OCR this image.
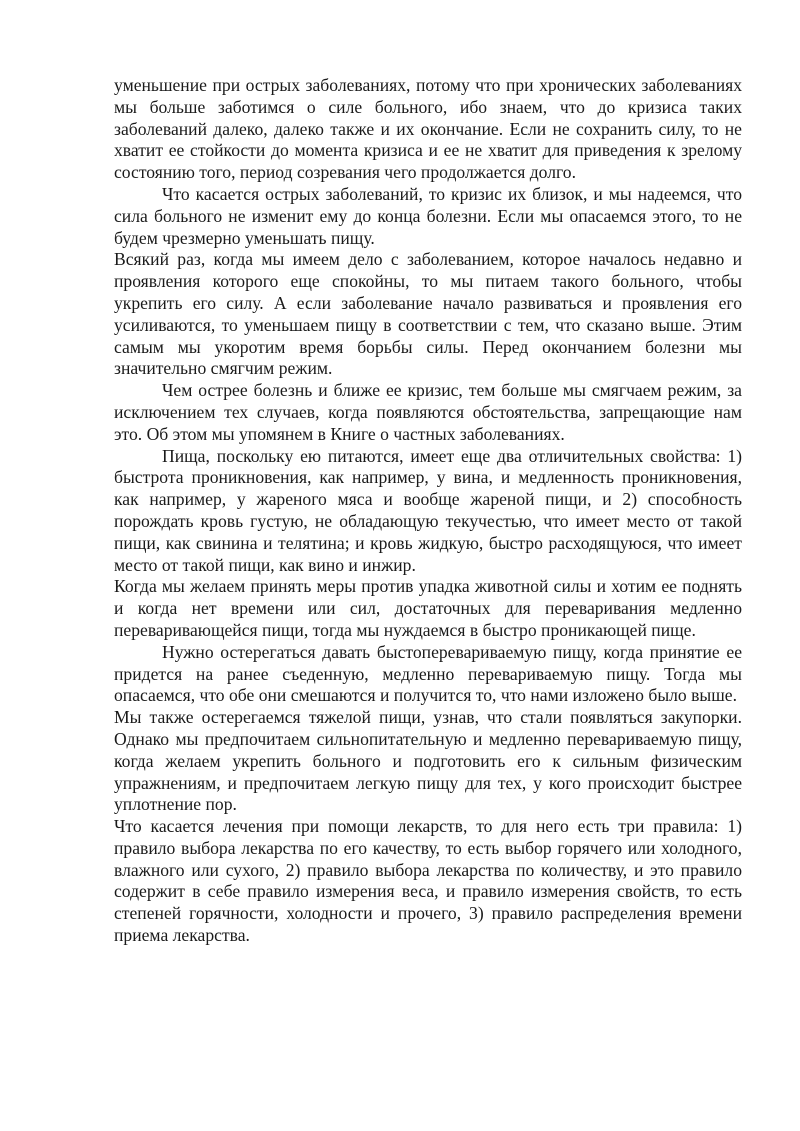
уменьшение при острых заболеваниях, потому что при хронических заболеваниях мы больше заботимся о силе больного, ибо знаем, что до кризиса таких заболеваний далеко, далеко также и их окончание. Если не сохранить силу, то не хватит ее стойкости до момента кризиса и ее не хватит для приведения к зрелому состоянию того, период созревания чего продолжается долго.

Что касается острых заболеваний, то кризис их близок, и мы надеемся, что сила больного не изменит ему до конца болезни. Если мы опасаемся этого, то не будем чрезмерно уменьшать пищу.

Всякий раз, когда мы имеем дело с заболеванием, которое началось недавно и проявления которого еще спокойны, то мы питаем такого больного, чтобы укрепить его силу. А если заболевание начало развиваться и проявления его усиливаются, то уменьшаем пищу в соответствии с тем, что сказано выше. Этим самым мы укоротим время борьбы силы. Перед окончанием болезни мы значительно смягчим режим.

Чем острее болезнь и ближе ее кризис, тем больше мы смягчаем режим, за исключением тех случаев, когда появляются обстоятельства, запрещающие нам это. Об этом мы упомянем в Книге о частных заболеваниях.

Пища, поскольку ею питаются, имеет еще два отличительных свойства: 1) быстрота проникновения, как например, у вина, и медленность проникновения, как например, у жареного мяса и вообще жареной пищи, и 2) способность порождать кровь густую, не обладающую текучестью, что имеет место от такой пищи, как свинина и телятина; и кровь жидкую, быстро расходящуюся, что имеет место от такой пищи, как вино и инжир.

Когда мы желаем принять меры против упадка животной силы и хотим ее поднять и когда нет времени или сил, достаточных для переваривания медленно переваривающейся пищи, тогда мы нуждаемся в быстро проникающей пище.

Нужно остерегаться давать быстопереваpиваемую пищу, когда принятие ее придется на ранее съеденную, медленно перевариваемую пищу. Тогда мы опасаемся, что обе они смешаются и получится то, что нами изложено было выше.

Мы также остерегаемся тяжелой пищи, узнав, что стали появляться закупорки. Однако мы предпочитаем сильнопитательную и медленно перевариваемую пищу, когда желаем укрепить больного и подготовить его к сильным физическим упражнениям, и предпочитаем легкую пищу для тех, у кого происходит быстрее уплотнение пор.

Что касается лечения при помощи лекарств, то для него есть три правила: 1) правило выбора лекарства по его качеству, то есть выбор горячего или холодного, влажного или сухого, 2) правило выбора лекарства по количеству, и это правило содержит в себе правило измерения веса, и правило измерения свойств, то есть степеней горячности, холодности и прочего, 3) правило распределения времени приема лекарства.
